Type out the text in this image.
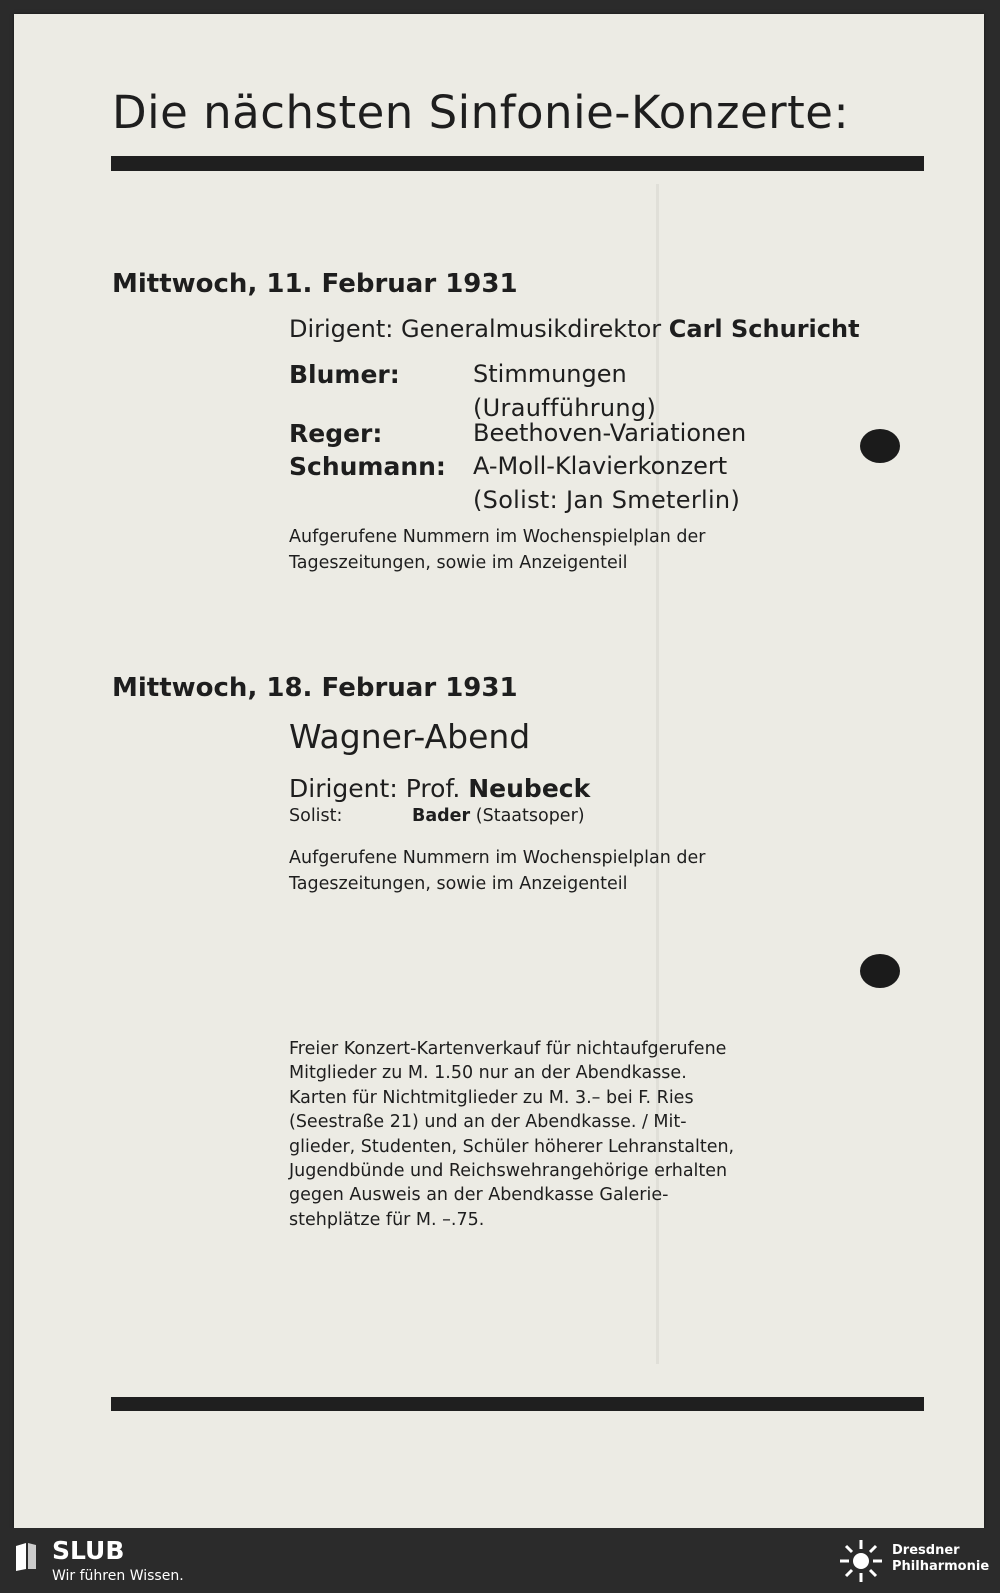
Die nächsten Sinfonie-Konzerte:
Mittwoch, 11. Februar 1931
Dirigent: Generalmusikdirektor Carl Schuricht
Blumer:	Stimmungen
(Uraufführung)
Reger:	Beethoven-Variationen
Schumann: A-Moll-Klavierkonzert
(Solist: Jan Smeterlin)
Aufgerufene Nummern im Wochenspielplan der
Tageszeitungen, sowie im Anzeigenteil
Mittwoch, 18. Februar 1931
Wagner-Abend
Dirigent: Prof. Neubeck
Solist:	Bader (Staatsoper)
Aufgerufene Nummern im Wochenspielplan der
Tageszeitungen, sowie im Anzeigenteil
Freier Konzert-Kartenverkauf für nichtaufgerufene
Mitglieder zu M. 1.50 nur an der Abendkasse.
Karten für Nichtmitglieder zu M. 3.– bei F. Ries
(Seestraße 21) und an der Abendkasse. / Mit-
glieder, Studenten, Schüler höherer Lehranstalten,
Jugendbünde und Reichswehrangehörige erhalten
gegen Ausweis an der Abendkasse Galerie-
stehplätze für M. –.75.
SLUB
Wir führen Wissen.
Dresdner
Philharmonie
